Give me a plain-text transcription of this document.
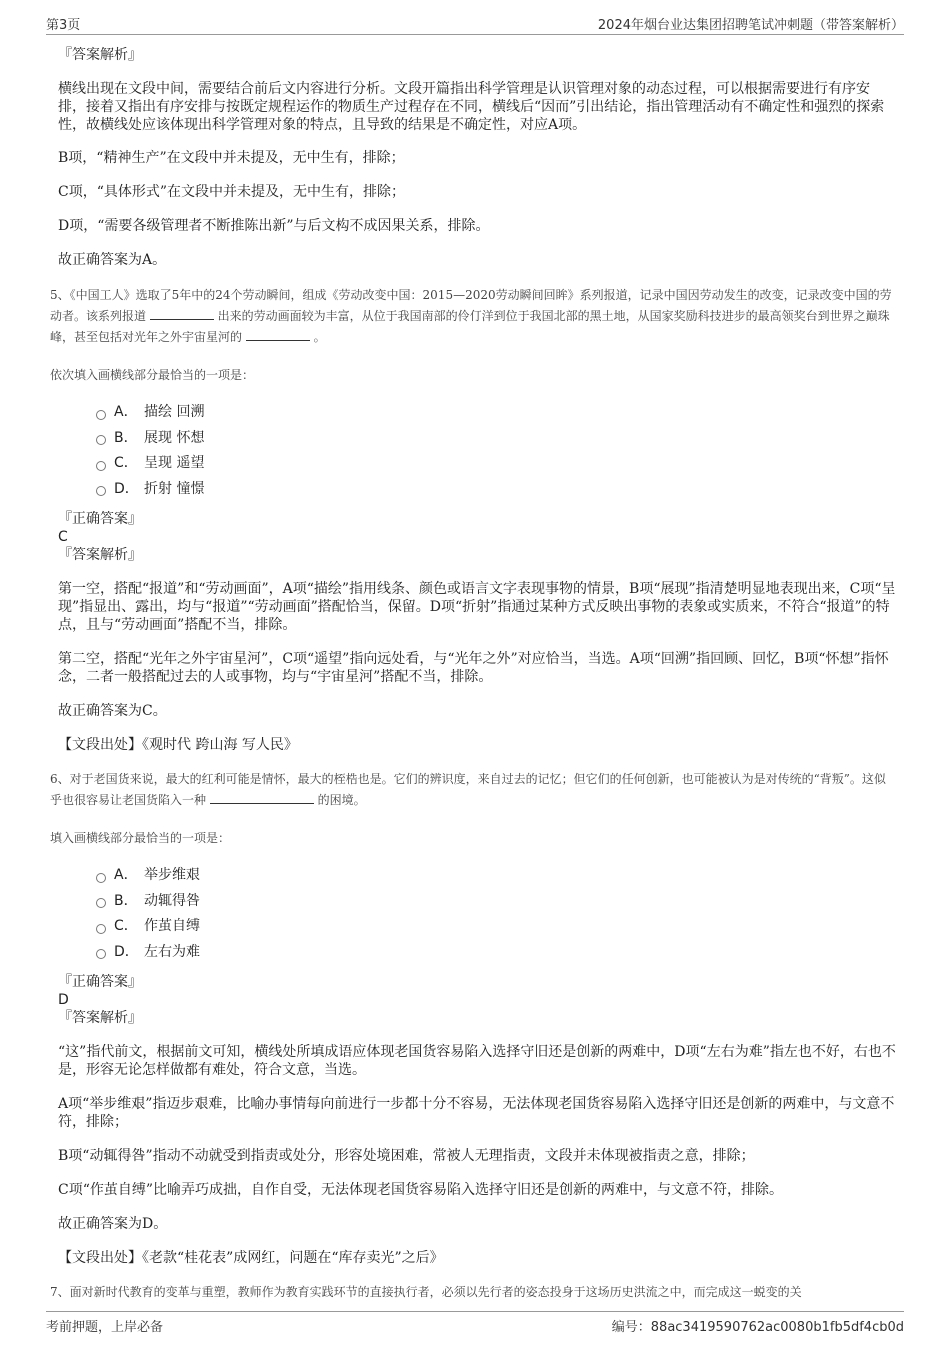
第3页	2024年烟台业达集团招聘笔试冲刺题（带答案解析）

『答案解析』

横线出现在文段中间，需要结合前后文内容进行分析。文段开篇指出科学管理是认识管理对象的动态过程，可以根据需要进行有序安排，接着又指出有序安排与按既定规程运作的物质生产过程存在不同，横线后“因而”引出结论，指出管理活动有不确定性和强烈的探索性，故横线处应该体现出科学管理对象的特点，且导致的结果是不确定性，对应A项。

B项，“精神生产”在文段中并未提及，无中生有，排除；

C项，“具体形式”在文段中并未提及，无中生有，排除；

D项，“需要各级管理者不断推陈出新”与后文构不成因果关系，排除。

故正确答案为A。

5、《中国工人》选取了5年中的24个劳动瞬间，组成《劳动改变中国：2015—2020劳动瞬间回眸》系列报道，记录中国因劳动发生的改变，记录改变中国的劳动者。该系列报道	出来的劳动画面较为丰富，从位于我国南部的伶仃洋到位于我国北部的黑土地，从国家奖励科技进步的最高领奖台到世界之巅珠峰，甚至包括对光年之外宇宙星河的	。

依次填入画横线部分最恰当的一项是：

A． 描绘 回溯
B． 展现 怀想
C． 呈现 遥望
D． 折射 憧憬

『正确答案』

C

『答案解析』

第一空，搭配“报道”和“劳动画面”，A项“描绘”指用线条、颜色或语言文字表现事物的情景，B项“展现”指清楚明显地表现出来，C项“呈现”指显出、露出，均与“报道”“劳动画面”搭配恰当，保留。D项“折射”指通过某种方式反映出事物的表象或实质来，不符合“报道”的特点，且与“劳动画面”搭配不当，排除。

第二空，搭配“光年之外宇宙星河”，C项“遥望”指向远处看，与“光年之外”对应恰当，当选。A项“回溯”指回顾、回忆，B项“怀想”指怀念，二者一般搭配过去的人或事物，均与“宇宙星河”搭配不当，排除。

故正确答案为C。

【文段出处】《观时代 跨山海 写人民》

6、对于老国货来说，最大的红利可能是情怀，最大的桎梏也是。它们的辨识度，来自过去的记忆；但它们的任何创新，也可能被认为是对传统的“背叛”。这似乎也很容易让老国货陷入一种	的困境。

填入画横线部分最恰当的一项是：

A． 举步维艰
B． 动辄得咎
C． 作茧自缚
D． 左右为难

『正确答案』

D

『答案解析』

“这”指代前文，根据前文可知，横线处所填成语应体现老国货容易陷入选择守旧还是创新的两难中，D项“左右为难”指左也不好，右也不是，形容无论怎样做都有难处，符合文意，当选。

A项“举步维艰”指迈步艰难，比喻办事情每向前进行一步都十分不容易，无法体现老国货容易陷入选择守旧还是创新的两难中，与文意不符，排除；

B项“动辄得咎”指动不动就受到指责或处分，形容处境困难，常被人无理指责，文段并未体现被指责之意，排除；

C项“作茧自缚”比喻弄巧成拙，自作自受，无法体现老国货容易陷入选择守旧还是创新的两难中，与文意不符，排除。

故正确答案为D。

【文段出处】《老款“桂花表”成网红，问题在“库存卖光”之后》

7、面对新时代教育的变革与重塑，教师作为教育实践环节的直接执行者，必须以先行者的姿态投身于这场历史洪流之中，而完成这一蜕变的关

考前押题，上岸必备	编号：88ac3419590762ac0080b1fb5df4cb0d
